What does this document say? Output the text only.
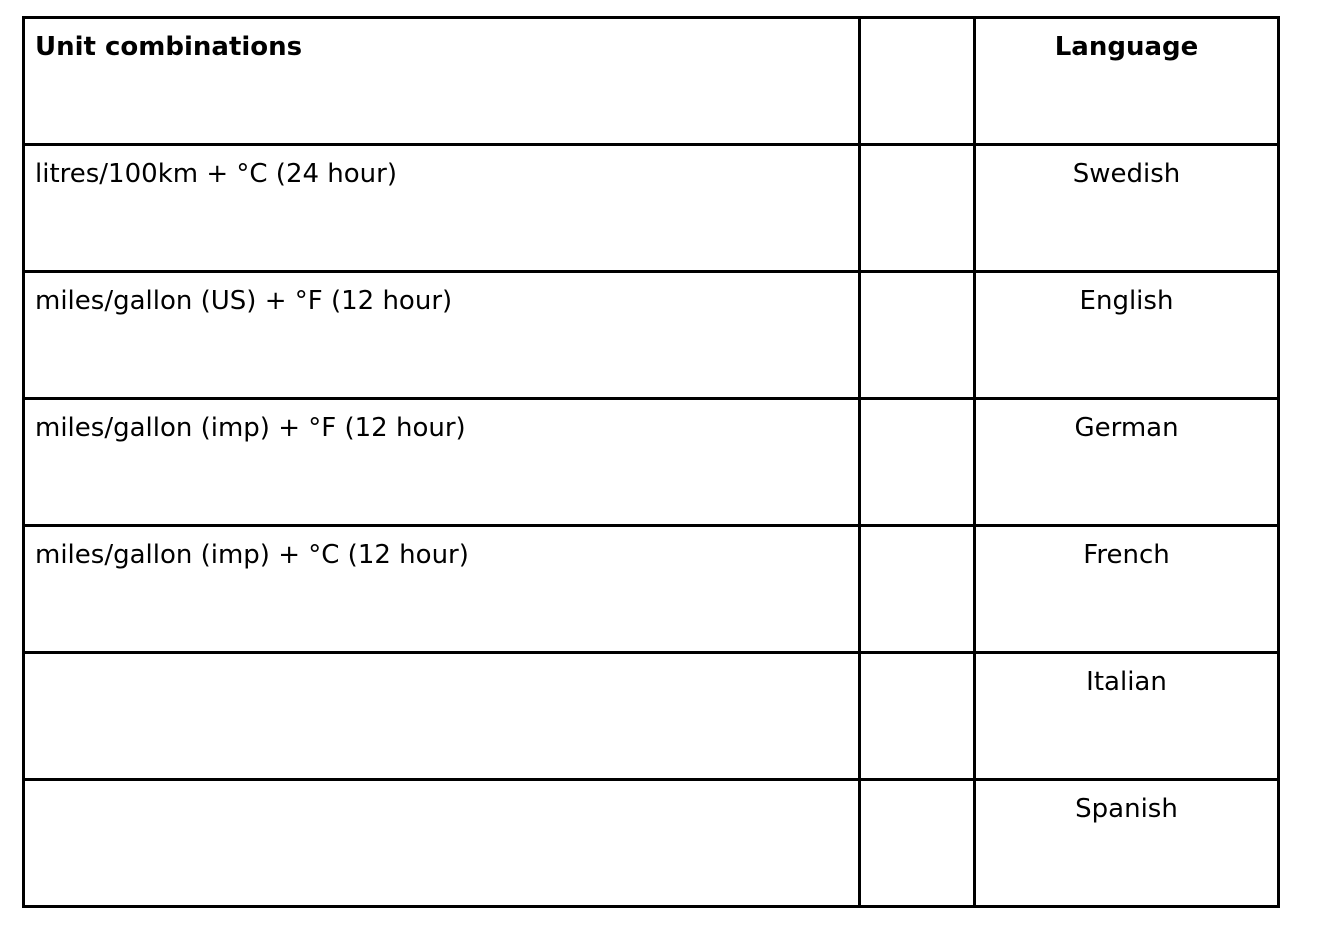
Unit combinations		Language
litres/100km + °C (24 hour)		Swedish
miles/gallon (US) + °F (12 hour)		English
miles/gallon (imp) + °F (12 hour)		German
miles/gallon (imp) + °C (12 hour)		French
		Italian
		Spanish
